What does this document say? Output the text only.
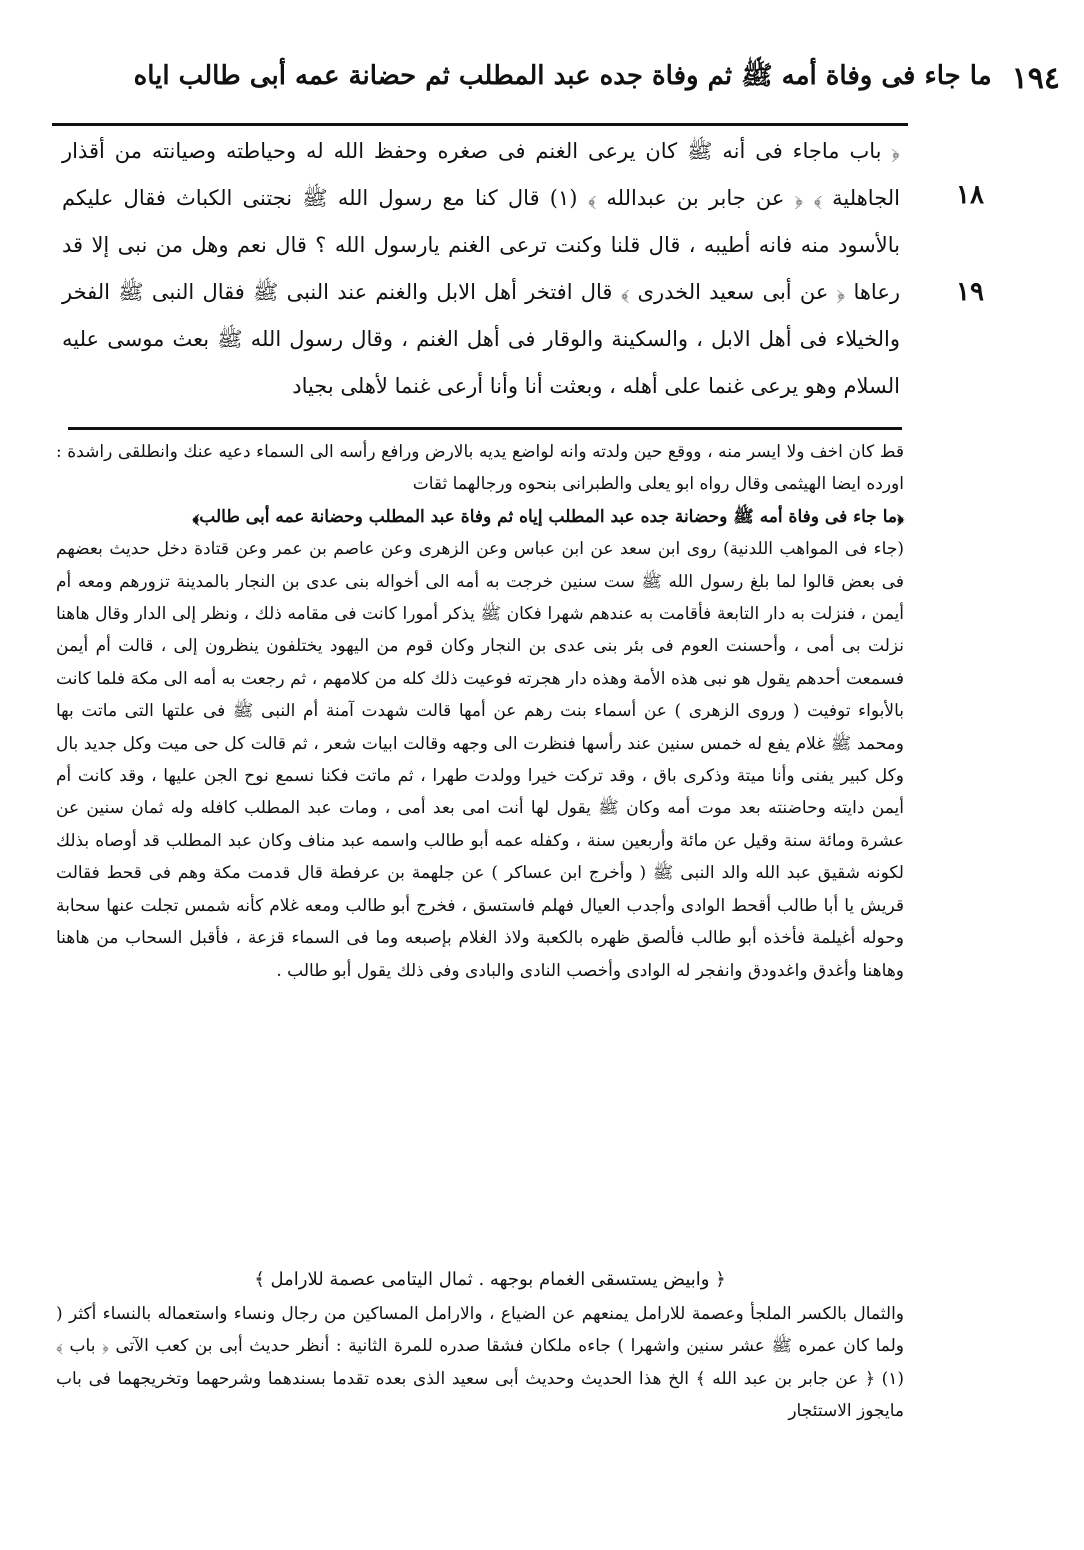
١٩٤
ما جاء فى وفاة أمه ﷺ ثم وفاة جده عبد المطلب ثم حضانة عمه أبى طالب اياه
١٨
١٩

﴿ باب ماجاء فى أنه ﷺ كان يرعى الغنم فى صغره وحفظ الله له وحياطته وصيانته من أقذار الجاهلية ﴾ ﴿ عن جابر بن عبدالله ﴾ (١) قال كنا مع رسول الله ﷺ نجتنى الكباث فقال عليكم بالأسود منه فانه أطيبه ، قال قلنا وكنت ترعى الغنم يارسول الله ؟ قال نعم وهل من نبى إلا قد رعاها ﴿ عن أبى سعيد الخدرى ﴾ قال افتخر أهل الابل والغنم عند النبى ﷺ فقال النبى ﷺ الفخر والخيلاء فى أهل الابل ، والسكينة والوقار فى أهل الغنم ، وقال رسول الله ﷺ بعث موسى عليه السلام وهو يرعى غنما على أهله ، وبعثت أنا وأنا أرعى غنما لأهلى بجياد

قط كان اخف ولا ايسر منه ، ووقع حين ولدته وانه لواضع يديه بالارض ورافع رأسه الى السماء دعيه عنك وانطلقى راشدة : اورده ايضا الهيثمى وقال رواه ابو يعلى والطبرانى بنحوه ورجالهما ثقات

﴿ما جاء فى وفاة أمه ﷺ وحضانة جده عبد المطلب إياه ثم وفاة عبد المطلب وحضانة عمه أبى طالب﴾

(جاء فى المواهب اللدنية) روى ابن سعد عن ابن عباس وعن الزهرى وعن عاصم بن عمر وعن قتادة دخل حديث بعضهم فى بعض قالوا لما بلغ رسول الله ﷺ ست سنين خرجت به أمه الى أخواله بنى عدى بن النجار بالمدينة تزورهم ومعه أم أيمن ، فنزلت به دار التابعة فأقامت به عندهم شهرا فكان ﷺ يذكر أمورا كانت فى مقامه ذلك ، ونظر إلى الدار وقال هاهنا نزلت بى أمى ، وأحسنت العوم فى بئر بنى عدى بن النجار وكان قوم من اليهود يختلفون ينظرون إلى ، قالت أم أيمن فسمعت أحدهم يقول هو نبى هذه الأمة وهذه دار هجرته فوعيت ذلك كله من كلامهم ، ثم رجعت به أمه الى مكة فلما كانت بالأبواء توفيت ( وروى الزهرى ) عن أسماء بنت رهم عن أمها قالت شهدت آمنة أم النبى ﷺ فى علتها التى ماتت بها ومحمد ﷺ غلام يفع له خمس سنين عند رأسها فنظرت الى وجهه وقالت ابيات شعر ، ثم قالت كل حى ميت وكل جديد بال وكل كبير يفنى وأنا ميتة وذكرى باق ، وقد تركت خيرا وولدت طهرا ، ثم ماتت فكنا نسمع نوح الجن عليها ، وقد كانت أم أيمن دايته وحاضنته بعد موت أمه وكان ﷺ يقول لها أنت امى بعد أمى ، ومات عبد المطلب كافله وله ثمان سنين عن عشرة ومائة سنة وقيل عن مائة وأربعين سنة ، وكفله عمه أبو طالب واسمه عبد مناف وكان عبد المطلب قد أوصاه بذلك لكونه شقيق عبد الله والد النبى ﷺ ( وأخرج ابن عساكر ) عن جلهمة بن عرفطة قال قدمت مكة وهم فى قحط فقالت قريش يا أبا طالب أقحط الوادى وأجدب العيال فهلم فاستسق ، فخرج أبو طالب ومعه غلام كأنه شمس تجلت عنها سحابة وحوله أغيلمة فأخذه أبو طالب فألصق ظهره بالكعبة ولاذ الغلام بإصبعه وما فى السماء قزعة ، فأقبل السحاب من هاهنا وهاهنا وأغدق واغدودق وانفجر له الوادى وأخصب النادى والبادى وفى ذلك يقول أبو طالب .

﴿ وابيض يستسقى الغمام بوجهه . ثمال اليتامى عصمة للارامل ﴾

والثمال بالكسر الملجأ وعصمة للارامل يمنعهم عن الضياع ، والارامل المساكين من رجال ونساء واستعماله بالنساء أكثر ( ولما كان عمره ﷺ عشر سنين واشهرا ) جاءه ملكان فشقا صدره للمرة الثانية : أنظر حديث أبى بن كعب الآتى ﴿ باب ﴾ (١) ﴿ عن جابر بن عبد الله ﴾ الخ هذا الحديث وحديث أبى سعيد الذى بعده تقدما بسندهما وشرحهما وتخريجهما فى باب مايجوز الاستئجار
